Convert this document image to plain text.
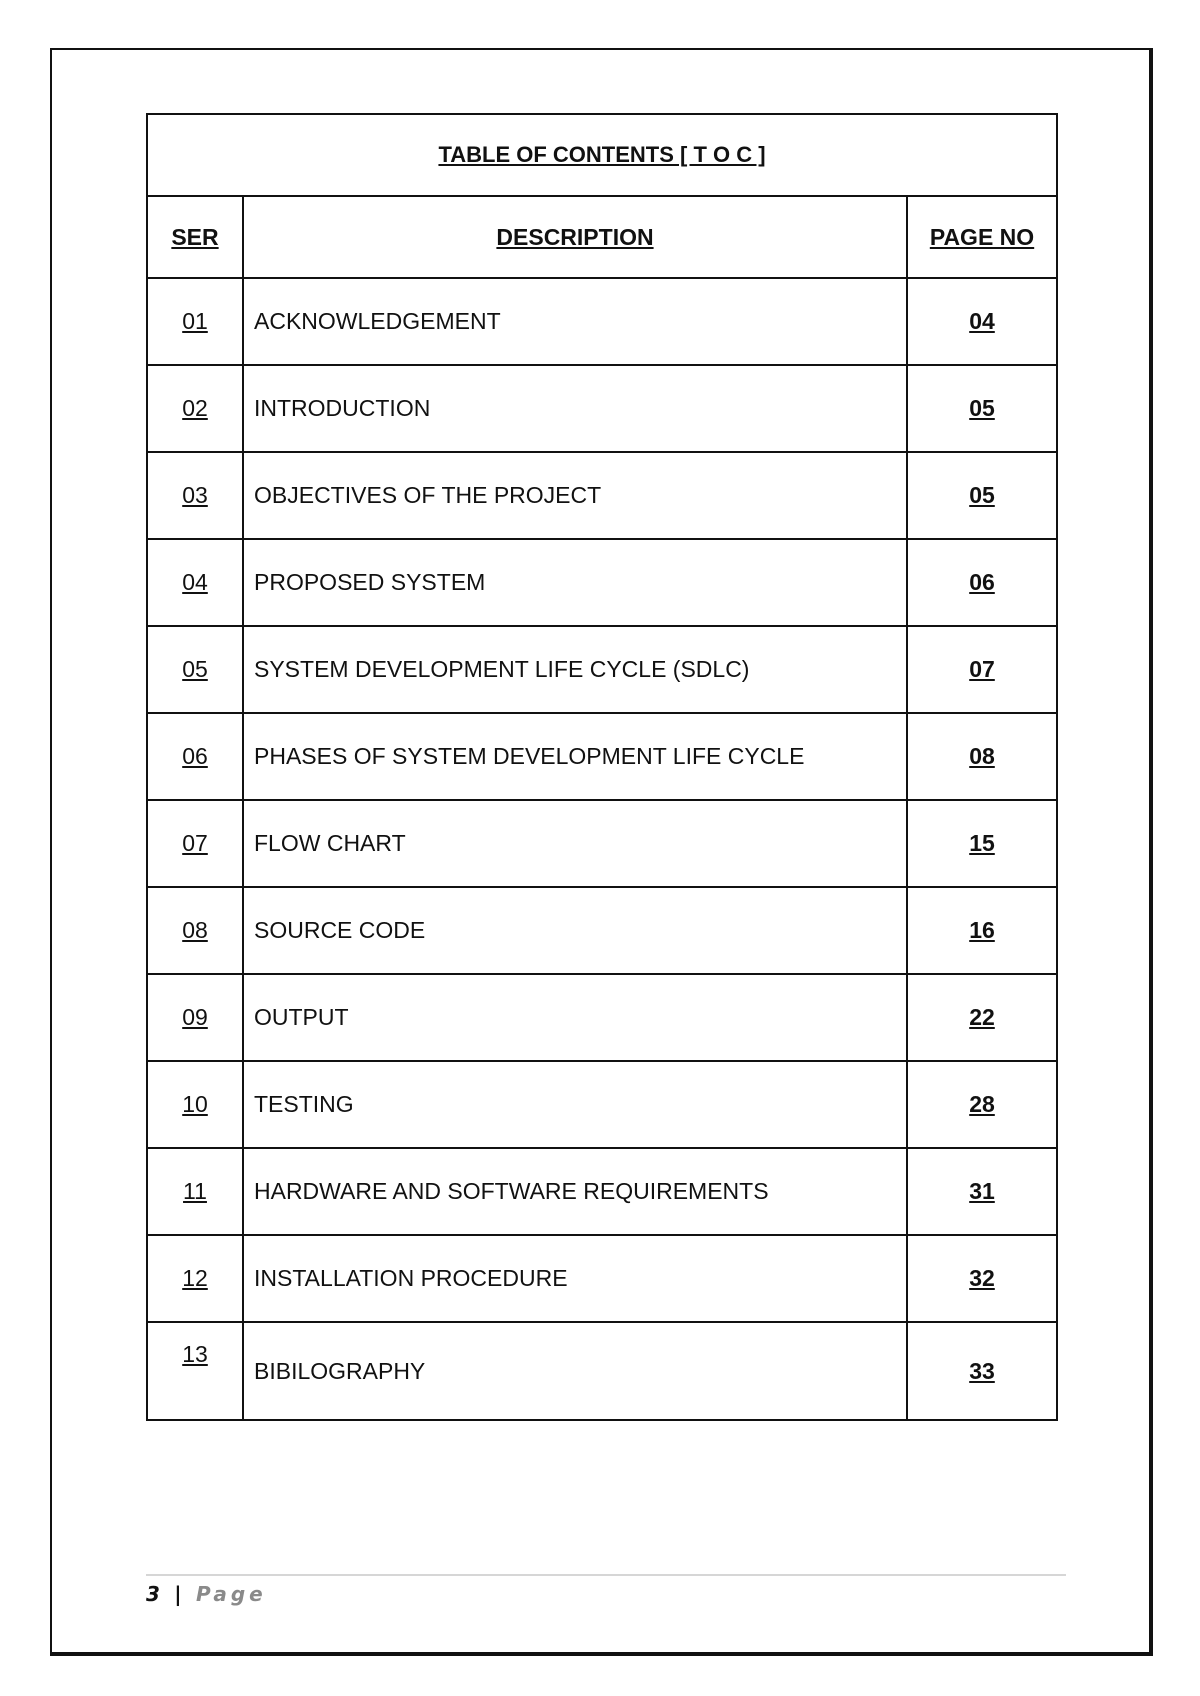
TABLE OF CONTENTS [ T O C ]		
SER	DESCRIPTION	PAGE NO
01	ACKNOWLEDGEMENT	04
02	INTRODUCTION	05
03	OBJECTIVES OF THE PROJECT	05
04	PROPOSED SYSTEM	06
05	SYSTEM DEVELOPMENT LIFE CYCLE (SDLC)	07
06	PHASES OF SYSTEM DEVELOPMENT LIFE CYCLE	08
07	FLOW CHART	15
08	SOURCE CODE	16
09	OUTPUT	22
10	TESTING	28
11	HARDWARE AND SOFTWARE REQUIREMENTS	31
12	INSTALLATION PROCEDURE	32
13	BIBILOGRAPHY	33
3 | Page
